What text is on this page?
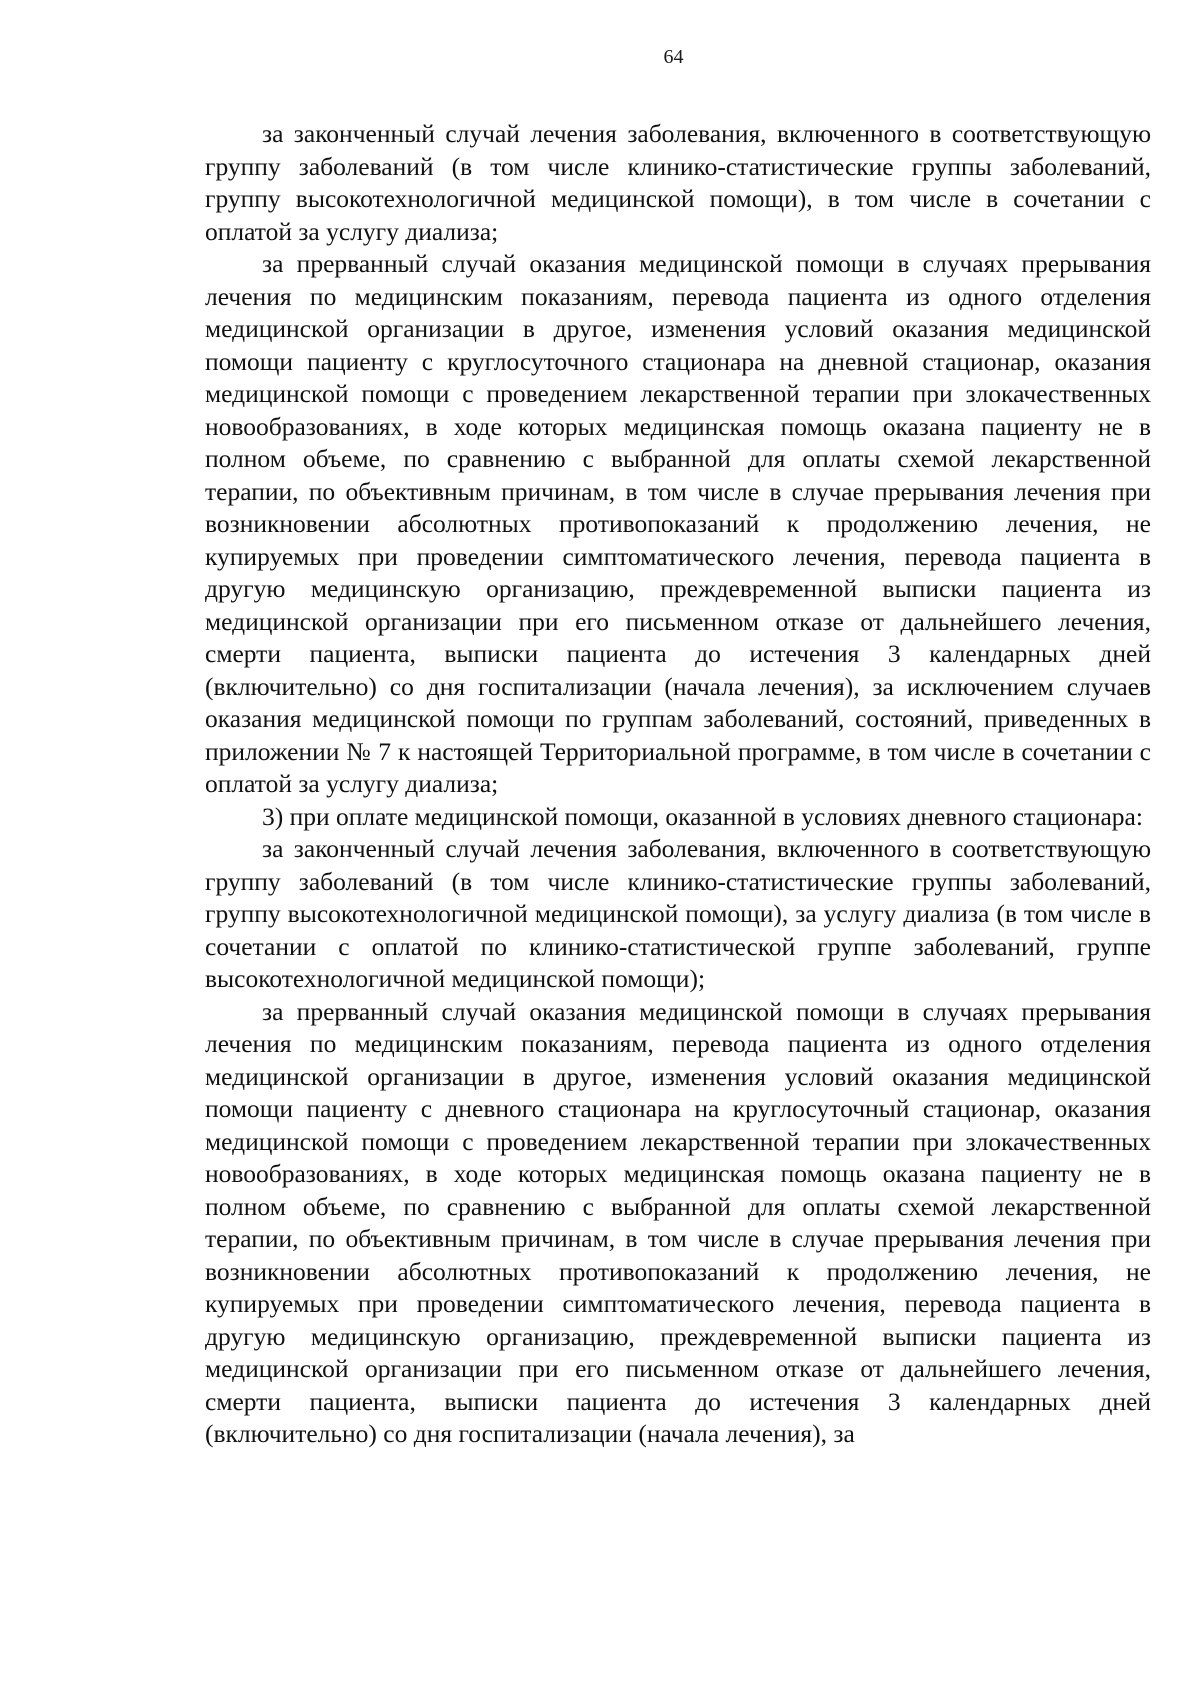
64

за законченный случай лечения заболевания, включенного в соответствующую группу заболеваний (в том числе клинико-статистические группы заболеваний, группу высокотехнологичной медицинской помощи), в том числе в сочетании с оплатой за услугу диализа;

за прерванный случай оказания медицинской помощи в случаях прерывания лечения по медицинским показаниям, перевода пациента из одного отделения медицинской организации в другое, изменения условий оказания медицинской помощи пациенту с круглосуточного стационара на дневной стационар, оказания медицинской помощи с проведением лекарственной терапии при злокачественных новообразованиях, в ходе которых медицинская помощь оказана пациенту не в полном объеме, по сравнению с выбранной для оплаты схемой лекарственной терапии, по объективным причинам, в том числе в случае прерывания лечения при возникновении абсолютных противопоказаний к продолжению лечения, не купируемых при проведении симптоматического лечения, перевода пациента в другую медицинскую организацию, преждевременной выписки пациента из медицинской организации при его письменном отказе от дальнейшего лечения, смерти пациента, выписки пациента до истечения 3 календарных дней (включительно) со дня госпитализации (начала лечения), за исключением случаев оказания медицинской помощи по группам заболеваний, состояний, приведенных в приложении № 7 к настоящей Территориальной программе, в том числе в сочетании с оплатой за услугу диализа;

3) при оплате медицинской помощи, оказанной в условиях дневного стационара:

за законченный случай лечения заболевания, включенного в соответствующую группу заболеваний (в том числе клинико-статистические группы заболеваний, группу высокотехнологичной медицинской помощи), за услугу диализа (в том числе в сочетании с оплатой по клинико-статистической группе заболеваний, группе высокотехнологичной медицинской помощи);

за прерванный случай оказания медицинской помощи в случаях прерывания лечения по медицинским показаниям, перевода пациента из одного отделения медицинской организации в другое, изменения условий оказания медицинской помощи пациенту с дневного стационара на круглосуточный стационар, оказания медицинской помощи с проведением лекарственной терапии при злокачественных новообразованиях, в ходе которых медицинская помощь оказана пациенту не в полном объеме, по сравнению с выбранной для оплаты схемой лекарственной терапии, по объективным причинам, в том числе в случае прерывания лечения при возникновении абсолютных противопоказаний к продолжению лечения, не купируемых при проведении симптоматического лечения, перевода пациента в другую медицинскую организацию, преждевременной выписки пациента из медицинской организации при его письменном отказе от дальнейшего лечения, смерти пациента, выписки пациента до истечения 3 календарных дней (включительно) со дня госпитализации (начала лечения), за
